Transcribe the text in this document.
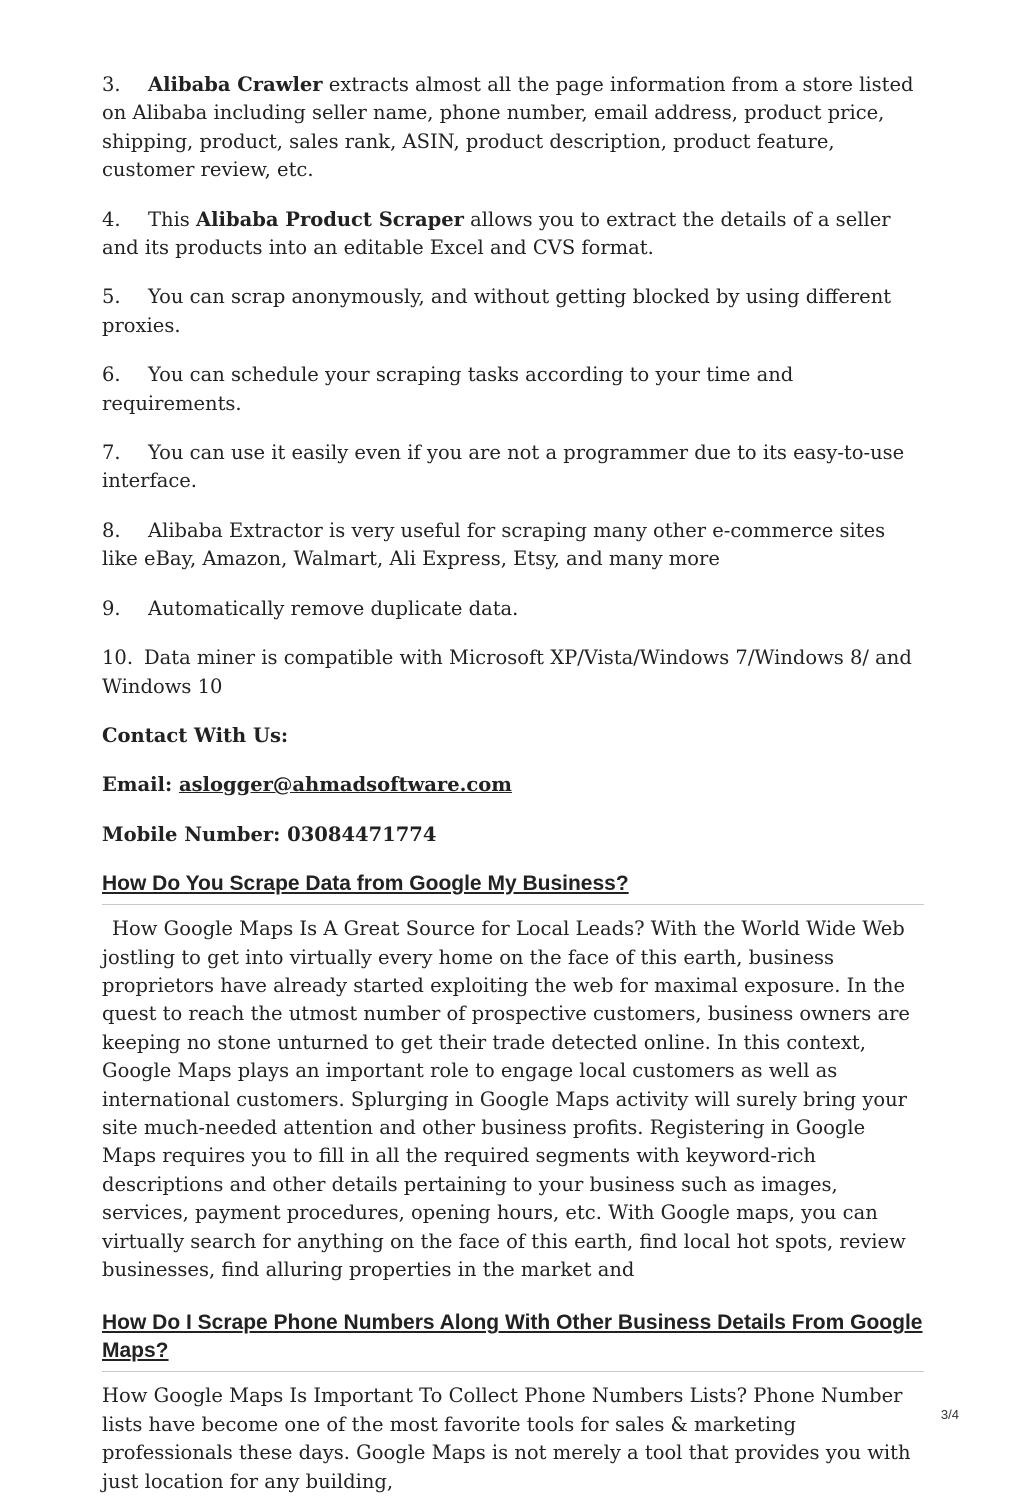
3. Alibaba Crawler extracts almost all the page information from a store listed on Alibaba including seller name, phone number, email address, product price, shipping, product, sales rank, ASIN, product description, product feature, customer review, etc.

4. This Alibaba Product Scraper allows you to extract the details of a seller and its products into an editable Excel and CVS format.

5. You can scrap anonymously, and without getting blocked by using different proxies.

6. You can schedule your scraping tasks according to your time and requirements.

7. You can use it easily even if you are not a programmer due to its easy-to-use interface.

8. Alibaba Extractor is very useful for scraping many other e-commerce sites like eBay, Amazon, Walmart, Ali Express, Etsy, and many more

9. Automatically remove duplicate data.

10. Data miner is compatible with Microsoft XP/Vista/Windows 7/Windows 8/ and Windows 10

Contact With Us:

Email: aslogger@ahmadsoftware.com

Mobile Number: 03084471774

How Do You Scrape Data from Google My Business?

How Google Maps Is A Great Source for Local Leads? With the World Wide Web jostling to get into virtually every home on the face of this earth, business proprietors have already started exploiting the web for maximal exposure. In the quest to reach the utmost number of prospective customers, business owners are keeping no stone unturned to get their trade detected online. In this context, Google Maps plays an important role to engage local customers as well as international customers. Splurging in Google Maps activity will surely bring your site much-needed attention and other business profits. Registering in Google Maps requires you to fill in all the required segments with keyword-rich descriptions and other details pertaining to your business such as images, services, payment procedures, opening hours, etc. With Google maps, you can virtually search for anything on the face of this earth, find local hot spots, review businesses, find alluring properties in the market and

How Do I Scrape Phone Numbers Along With Other Business Details From Google Maps?

How Google Maps Is Important To Collect Phone Numbers Lists? Phone Number lists have become one of the most favorite tools for sales & marketing professionals these days. Google Maps is not merely a tool that provides you with just location for any building,

3/4
